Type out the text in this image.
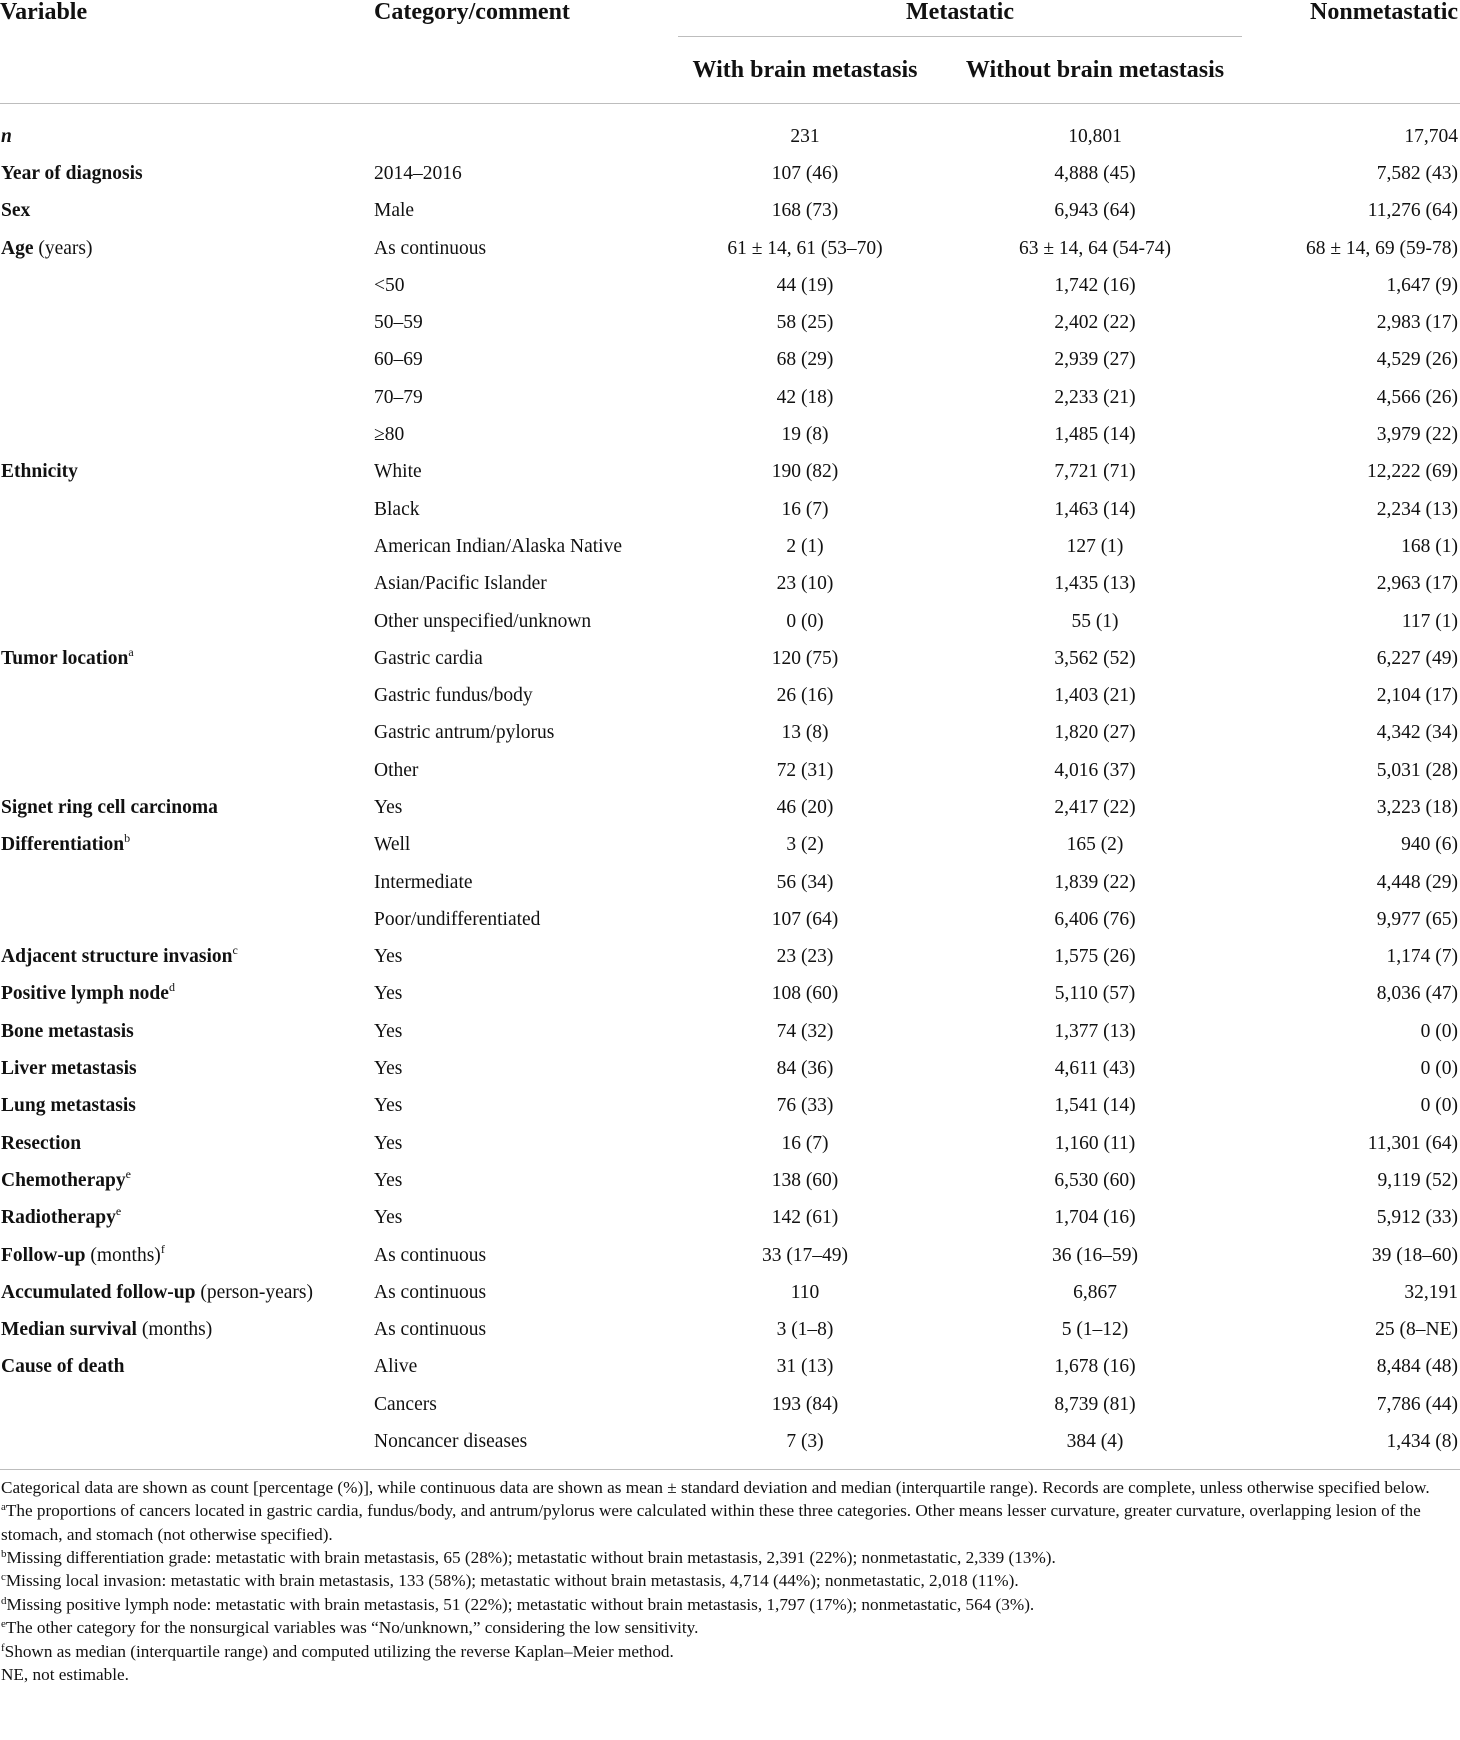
Variable	Category/comment	Metastatic		Nonmetastatic
		With brain metastasis	Without brain metastasis	
n		231	10,801	17,704
Year of diagnosis	2014–2016	107 (46)	4,888 (45)	7,582 (43)
Sex	Male	168 (73)	6,943 (64)	11,276 (64)
Age (years)	As continuous	61 ± 14, 61 (53–70)	63 ± 14, 64 (54-74)	68 ± 14, 69 (59-78)
	<50	44 (19)	1,742 (16)	1,647 (9)
	50–59	58 (25)	2,402 (22)	2,983 (17)
	60–69	68 (29)	2,939 (27)	4,529 (26)
	70–79	42 (18)	2,233 (21)	4,566 (26)
	≥80	19 (8)	1,485 (14)	3,979 (22)
Ethnicity	White	190 (82)	7,721 (71)	12,222 (69)
	Black	16 (7)	1,463 (14)	2,234 (13)
	American Indian/Alaska Native	2 (1)	127 (1)	168 (1)
	Asian/Pacific Islander	23 (10)	1,435 (13)	2,963 (17)
	Other unspecified/unknown	0 (0)	55 (1)	117 (1)
Tumor location$^a$	Gastric cardia	120 (75)	3,562 (52)	6,227 (49)
	Gastric fundus/body	26 (16)	1,403 (21)	2,104 (17)
	Gastric antrum/pylorus	13 (8)	1,820 (27)	4,342 (34)
	Other	72 (31)	4,016 (37)	5,031 (28)
Signet ring cell carcinoma	Yes	46 (20)	2,417 (22)	3,223 (18)
Differentiation$^b$	Well	3 (2)	165 (2)	940 (6)
	Intermediate	56 (34)	1,839 (22)	4,448 (29)
	Poor/undifferentiated	107 (64)	6,406 (76)	9,977 (65)
Adjacent structure invasion$^c$	Yes	23 (23)	1,575 (26)	1,174 (7)
Positive lymph node$^d$	Yes	108 (60)	5,110 (57)	8,036 (47)
Bone metastasis	Yes	74 (32)	1,377 (13)	0 (0)
Liver metastasis	Yes	84 (36)	4,611 (43)	0 (0)
Lung metastasis	Yes	76 (33)	1,541 (14)	0 (0)
Resection	Yes	16 (7)	1,160 (11)	11,301 (64)
Chemotherapy$^e$	Yes	138 (60)	6,530 (60)	9,119 (52)
Radiotherapy$^e$	Yes	142 (61)	1,704 (16)	5,912 (33)
Follow-up (months)$^f$	As continuous	33 (17–49)	36 (16–59)	39 (18–60)
Accumulated follow-up (person-years)	As continuous	110	6,867	32,191
Median survival (months)	As continuous	3 (1–8)	5 (1–12)	25 (8–NE)
Cause of death	Alive	31 (13)	1,678 (16)	8,484 (48)
	Cancers	193 (84)	8,739 (81)	7,786 (44)
	Noncancer diseases	7 (3)	384 (4)	1,434 (8)

Categorical data are shown as count [percentage (%)], while continuous data are shown as mean ± standard deviation and median (interquartile range). Records are complete, unless otherwise specified below.

$^a$The proportions of cancers located in gastric cardia, fundus/body, and antrum/pylorus were calculated within these three categories. Other means lesser curvature, greater curvature, overlapping lesion of the stomach, and stomach (not otherwise specified).

$^b$Missing differentiation grade: metastatic with brain metastasis, 65 (28%); metastatic without brain metastasis, 2,391 (22%); nonmetastatic, 2,339 (13%).

$^c$Missing local invasion: metastatic with brain metastasis, 133 (58%); metastatic without brain metastasis, 4,714 (44%); nonmetastatic, 2,018 (11%).

$^d$Missing positive lymph node: metastatic with brain metastasis, 51 (22%); metastatic without brain metastasis, 1,797 (17%); nonmetastatic, 564 (3%).

$^e$The other category for the nonsurgical variables was “No/unknown,” considering the low sensitivity.

$^f$Shown as median (interquartile range) and computed utilizing the reverse Kaplan–Meier method.

NE, not estimable.
